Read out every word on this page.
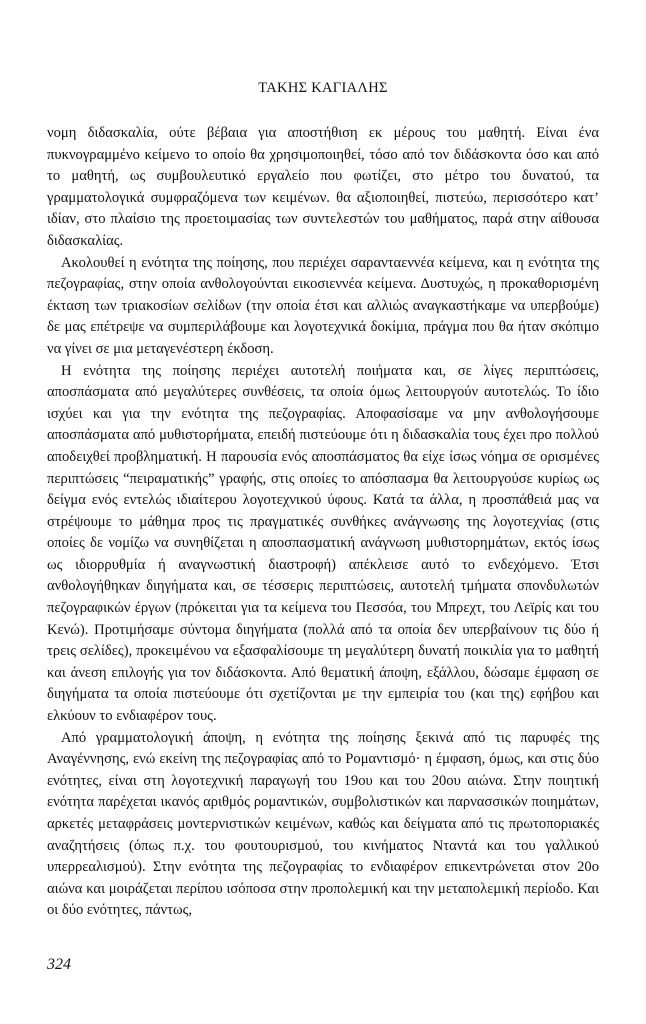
ΤΑΚΗΣ ΚΑΓΙΑΛΗΣ

νομη διδασκαλία, ούτε βέβαια για αποστήθιση εκ μέρους του μαθητή. Είναι ένα πυκνογραμμένο κείμενο το οποίο θα χρησιμοποιηθεί, τόσο από τον διδάσκοντα όσο και από το μαθητή, ως συμβουλευτικό εργαλείο που φωτίζει, στο μέτρο του δυνατού, τα γραμματολογικά συμφραζόμενα των κειμένων. θα αξιοποιηθεί, πιστεύω, περισσότερο κατ’ ιδίαν, στο πλαίσιο της προετοιμασίας των συντελεστών του μαθήματος, παρά στην αίθουσα διδασκαλίας.

Ακολουθεί η ενότητα της ποίησης, που περιέχει σαρανταεννέα κείμενα, και η ενότητα της πεζογραφίας, στην οποία ανθολογούνται εικοσιεννέα κείμενα. Δυστυχώς, η προκαθορισμένη έκταση των τριακοσίων σελίδων (την οποία έτσι και αλλιώς αναγκαστήκαμε να υπερβούμε) δε μας επέτρεψε να συμπεριλάβουμε και λογοτεχνικά δοκίμια, πράγμα που θα ήταν σκόπιμο να γίνει σε μια μεταγενέστερη έκδοση.

Η ενότητα της ποίησης περιέχει αυτοτελή ποιήματα και, σε λίγες περιπτώσεις, αποσπάσματα από μεγαλύτερες συνθέσεις, τα οποία όμως λειτουργούν αυτοτελώς. Το ίδιο ισχύει και για την ενότητα της πεζογραφίας. Αποφασίσαμε να μην ανθολογήσουμε αποσπάσματα από μυθιστορήματα, επειδή πιστεύουμε ότι η διδασκαλία τους έχει προ πολλού αποδειχθεί προβληματική. Η παρουσία ενός αποσπάσματος θα είχε ίσως νόημα σε ορισμένες περιπτώσεις “πειραματικής” γραφής, στις οποίες το απόσπασμα θα λειτουργούσε κυρίως ως δείγμα ενός εντελώς ιδιαίτερου λογοτεχνικού ύφους. Κατά τα άλλα, η προσπάθειά μας να στρέψουμε το μάθημα προς τις πραγματικές συνθήκες ανάγνωσης της λογοτεχνίας (στις οποίες δε νομίζω να συνηθίζεται η αποσπασματική ανάγνωση μυθιστορημάτων, εκτός ίσως ως ιδιορρυθμία ή αναγνωστική διαστροφή) απέκλεισε αυτό το ενδεχόμενο. Έτσι ανθολογήθηκαν διηγήματα και, σε τέσσερις περιπτώσεις, αυτοτελή τμήματα σπονδυλωτών πεζογραφικών έργων (πρόκειται για τα κείμενα του Πεσσόα, του Μπρεχτ, του Λεϊρίς και του Κενώ). Προτιμήσαμε σύντομα διηγήματα (πολλά από τα οποία δεν υπερβαίνουν τις δύο ή τρεις σελίδες), προκειμένου να εξασφαλίσουμε τη μεγαλύτερη δυνατή ποικιλία για το μαθητή και άνεση επιλογής για τον διδάσκοντα. Από θεματική άποψη, εξάλλου, δώσαμε έμφαση σε διηγήματα τα οποία πιστεύουμε ότι σχετίζονται με την εμπειρία του (και της) εφήβου και ελκύουν το ενδιαφέρον τους.

Από γραμματολογική άποψη, η ενότητα της ποίησης ξεκινά από τις παρυφές της Αναγέννησης, ενώ εκείνη της πεζογραφίας από το Ρομαντισμό· η έμφαση, όμως, και στις δύο ενότητες, είναι στη λογοτεχνική παραγωγή του 19ου και του 20ου αιώνα. Στην ποιητική ενότητα παρέχεται ικανός αριθμός ρομαντικών, συμβολιστικών και παρνασσικών ποιημάτων, αρκετές μεταφράσεις μοντερνιστικών κειμένων, καθώς και δείγματα από τις πρωτοποριακές αναζητήσεις (όπως π.χ. του φουτουρισμού, του κινήματος Νταντά και του γαλλικού υπερρεαλισμού). Στην ενότητα της πεζογραφίας το ενδιαφέρον επικεντρώνεται στον 20ο αιώνα και μοιράζεται περίπου ισόποσα στην προπολεμική και την μεταπολεμική περίοδο. Και οι δύο ενότητες, πάντως,

324
